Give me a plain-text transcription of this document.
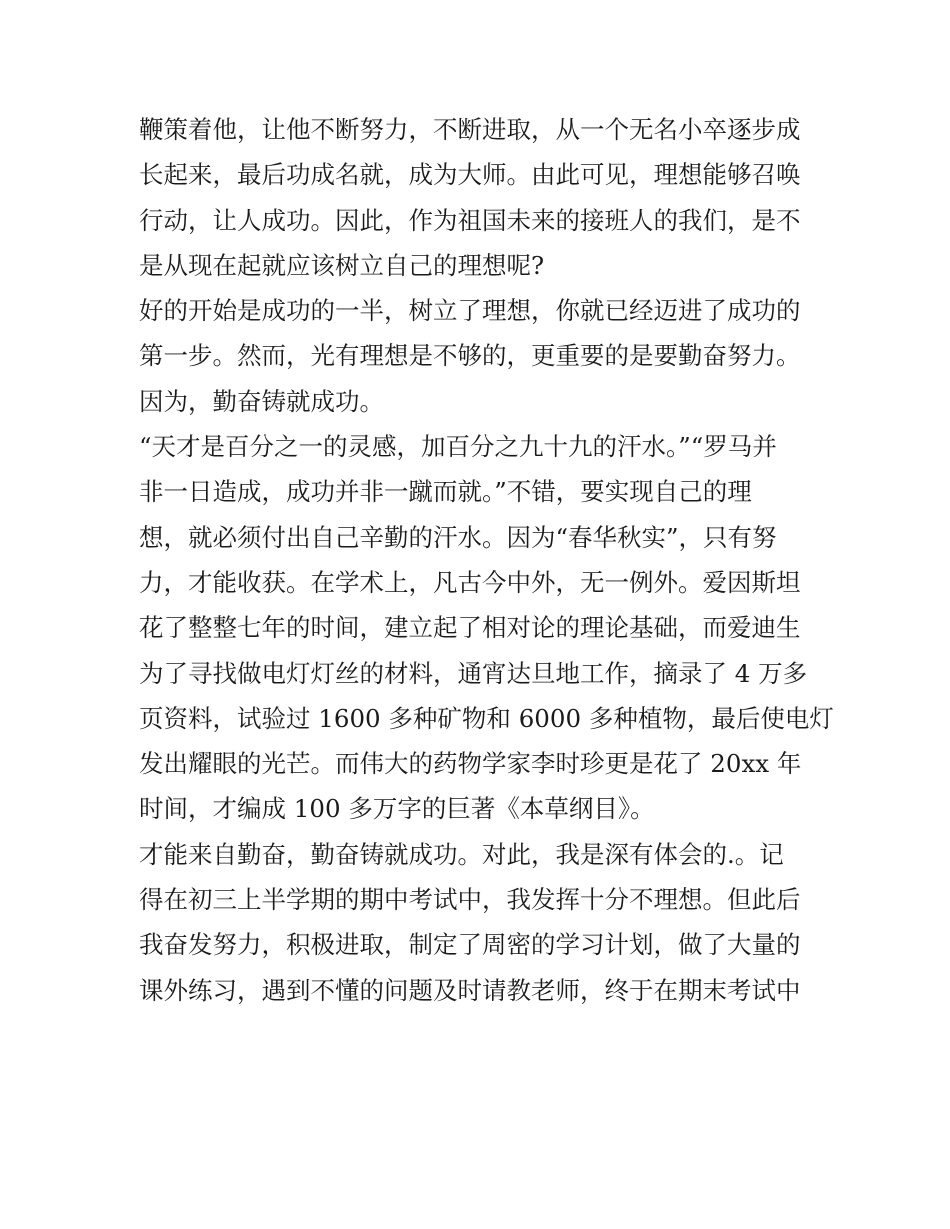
鞭策着他，让他不断努力，不断进取，从一个无名小卒逐步成
长起来，最后功成名就，成为大师。由此可见，理想能够召唤
行动，让人成功。因此，作为祖国未来的接班人的我们，是不
是从现在起就应该树立自己的理想呢?
好的开始是成功的一半，树立了理想，你就已经迈进了成功的
第一步。然而，光有理想是不够的，更重要的是要勤奋努力。
因为，勤奋铸就成功。
“天才是百分之一的灵感，加百分之九十九的汗水。”“罗马并
非一日造成，成功并非一蹴而就。”不错，要实现自己的理
想，就必须付出自己辛勤的汗水。因为“春华秋实”，只有努
力，才能收获。在学术上，凡古今中外，无一例外。爱因斯坦
花了整整七年的时间，建立起了相对论的理论基础，而爱迪生
为了寻找做电灯灯丝的材料，通宵达旦地工作，摘录了 4 万多
页资料，试验过 1600 多种矿物和 6000 多种植物，最后使电灯
发出耀眼的光芒。而伟大的药物学家李时珍更是花了 20xx 年
时间，才编成 100 多万字的巨著《本草纲目》。
才能来自勤奋，勤奋铸就成功。对此，我是深有体会的.。记
得在初三上半学期的期中考试中，我发挥十分不理想。但此后
我奋发努力，积极进取，制定了周密的学习计划，做了大量的
课外练习，遇到不懂的问题及时请教老师，终于在期末考试中
